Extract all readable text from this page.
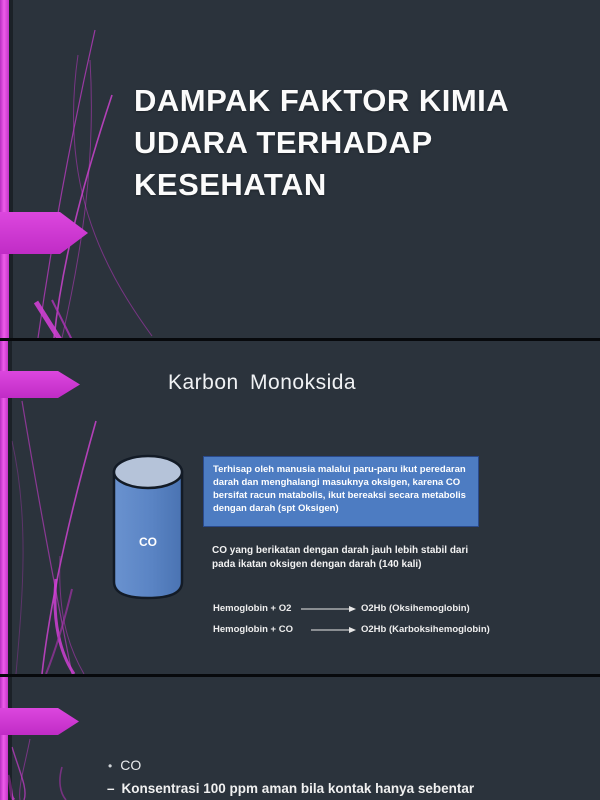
DAMPAK FAKTOR KIMIA
UDARA TERHADAP
KESEHATAN
Karbon Monoksida
CO
Terhisap oleh manusia malalui paru-paru ikut peredaran darah dan menghalangi masuknya oksigen, karena CO bersifat racun matabolis, ikut bereaksi secara metabolis dengan darah (spt Oksigen)
CO yang berikatan dengan darah jauh lebih stabil dari
pada ikatan oksigen dengan darah (140 kali)
Hemoglobin + O2	O2Hb (Oksihemoglobin)
Hemoglobin + CO	O2Hb (Karboksihemoglobin)
• CO
– Konsentrasi 100 ppm aman bila kontak hanya sebentar
